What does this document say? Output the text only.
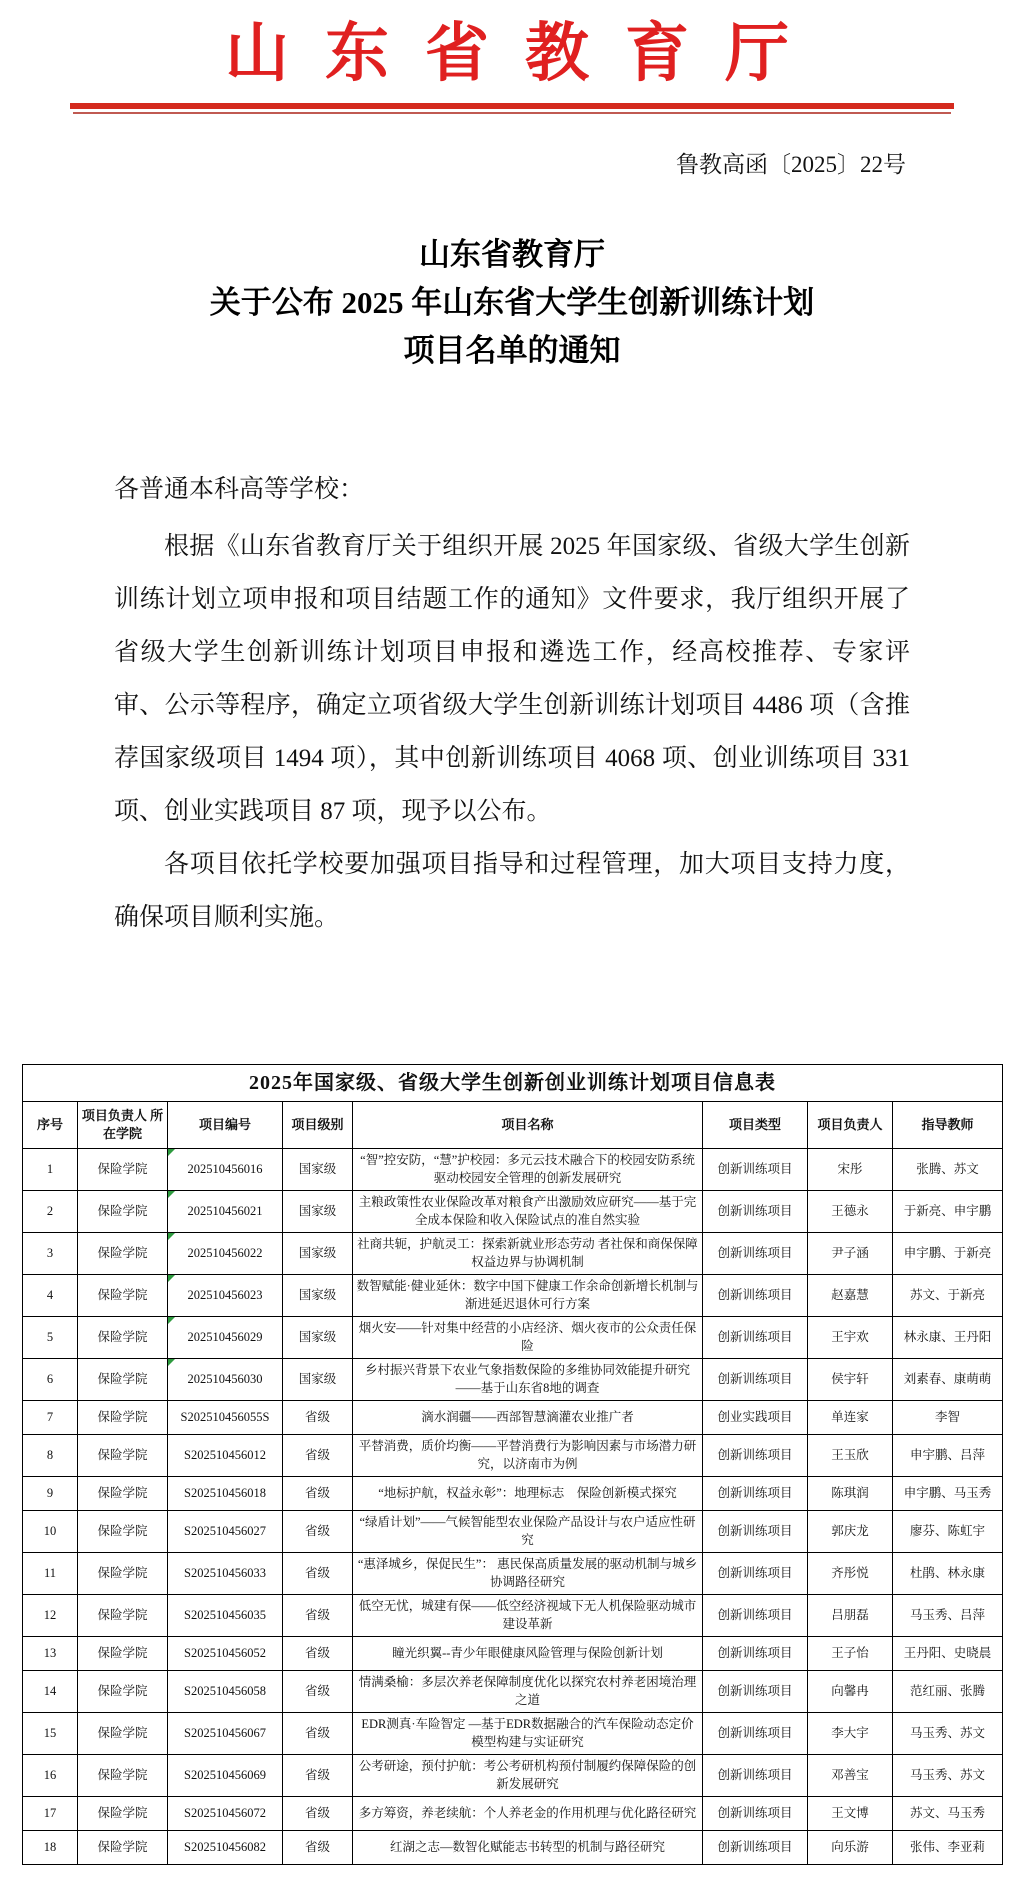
山 东 省 教 育 厅
鲁教高函〔2025〕22号
山东省教育厅
关于公布 2025 年山东省大学生创新训练计划
项目名单的通知

各普通本科高等学校：

根据《山东省教育厅关于组织开展 2025 年国家级、省级大学生创新训练计划立项申报和项目结题工作的通知》文件要求，我厅组织开展了省级大学生创新训练计划项目申报和遴选工作，经高校推荐、专家评审、公示等程序，确定立项省级大学生创新训练计划项目 4486 项（含推荐国家级项目 1494 项），其中创新训练项目 4068 项、创业训练项目 331 项、创业实践项目 87 项，现予以公布。

各项目依托学校要加强项目指导和过程管理，加大项目支持力度，确保项目顺利实施。

2025年国家级、省级大学生创新创业训练计划项目信息表							
序号	项目负责人 所在学院	项目编号	项目级别	项目名称	项目类型	项目负责人	指导教师
1	保险学院	202510456016	国家级	“智”控安防，“慧”护校园：多元云技术融合下的校园安防系统驱动校园安全管理的创新发展研究	创新训练项目	宋彤	张腾、苏文
2	保险学院	202510456021	国家级	主粮政策性农业保险改革对粮食产出激励效应研究——基于完全成本保险和收入保险试点的准自然实验	创新训练项目	王德永	于新亮、申宇鹏
3	保险学院	202510456022	国家级	社商共轭，护航灵工：探索新就业形态劳动 者社保和商保保障权益边界与协调机制	创新训练项目	尹子涵	申宇鹏、于新亮
4	保险学院	202510456023	国家级	数智赋能·健业延休：数字中国下健康工作余命创新增长机制与渐进延迟退休可行方案	创新训练项目	赵嘉慧	苏文、于新亮
5	保险学院	202510456029	国家级	烟火安——针对集中经营的小店经济、烟火夜市的公众责任保险	创新训练项目	王宇欢	林永康、王丹阳
6	保险学院	202510456030	国家级	乡村振兴背景下农业气象指数保险的多维协同效能提升研究——基于山东省8地的调查	创新训练项目	侯宇轩	刘素春、康萌萌
7	保险学院	S202510456055S	省级	滴水润疆——西部智慧滴灌农业推广者	创业实践项目	单连家	李智
8	保险学院	S202510456012	省级	平替消费，质价均衡——平替消费行为影响因素与市场潜力研究，以济南市为例	创新训练项目	王玉欣	申宇鹏、吕萍
9	保险学院	S202510456018	省级	“地标护航，权益永彰”：地理标志　保险创新模式探究	创新训练项目	陈琪润	申宇鹏、马玉秀
10	保险学院	S202510456027	省级	“绿盾计划”——气候智能型农业保险产品设计与农户适应性研究	创新训练项目	郭庆龙	廖芬、陈虹宇
11	保险学院	S202510456033	省级	“惠泽城乡，保促民生”： 惠民保高质量发展的驱动机制与城乡协调路径研究	创新训练项目	齐彤悦	杜鹃、林永康
12	保险学院	S202510456035	省级	低空无忧，城建有保——低空经济视域下无人机保险驱动城市建设革新	创新训练项目	吕朋磊	马玉秀、吕萍
13	保险学院	S202510456052	省级	瞳光织翼--青少年眼健康风险管理与保险创新计划	创新训练项目	王子怡	王丹阳、史晓晨
14	保险学院	S202510456058	省级	情满桑榆：多层次养老保障制度优化以探究农村养老困境治理之道	创新训练项目	向馨冉	范红丽、张腾
15	保险学院	S202510456067	省级	EDR测真·车险智定 —基于EDR数据融合的汽车保险动态定价模型构建与实证研究	创新训练项目	李大宇	马玉秀、苏文
16	保险学院	S202510456069	省级	公考研途，预付护航：考公考研机构预付制履约保障保险的创新发展研究	创新训练项目	邓善宝	马玉秀、苏文
17	保险学院	S202510456072	省级	多方筹资，养老续航：个人养老金的作用机理与优化路径研究	创新训练项目	王文博	苏文、马玉秀
18	保险学院	S202510456082	省级	红湖之志—数智化赋能志书转型的机制与路径研究	创新训练项目	向乐游	张伟、李亚莉
